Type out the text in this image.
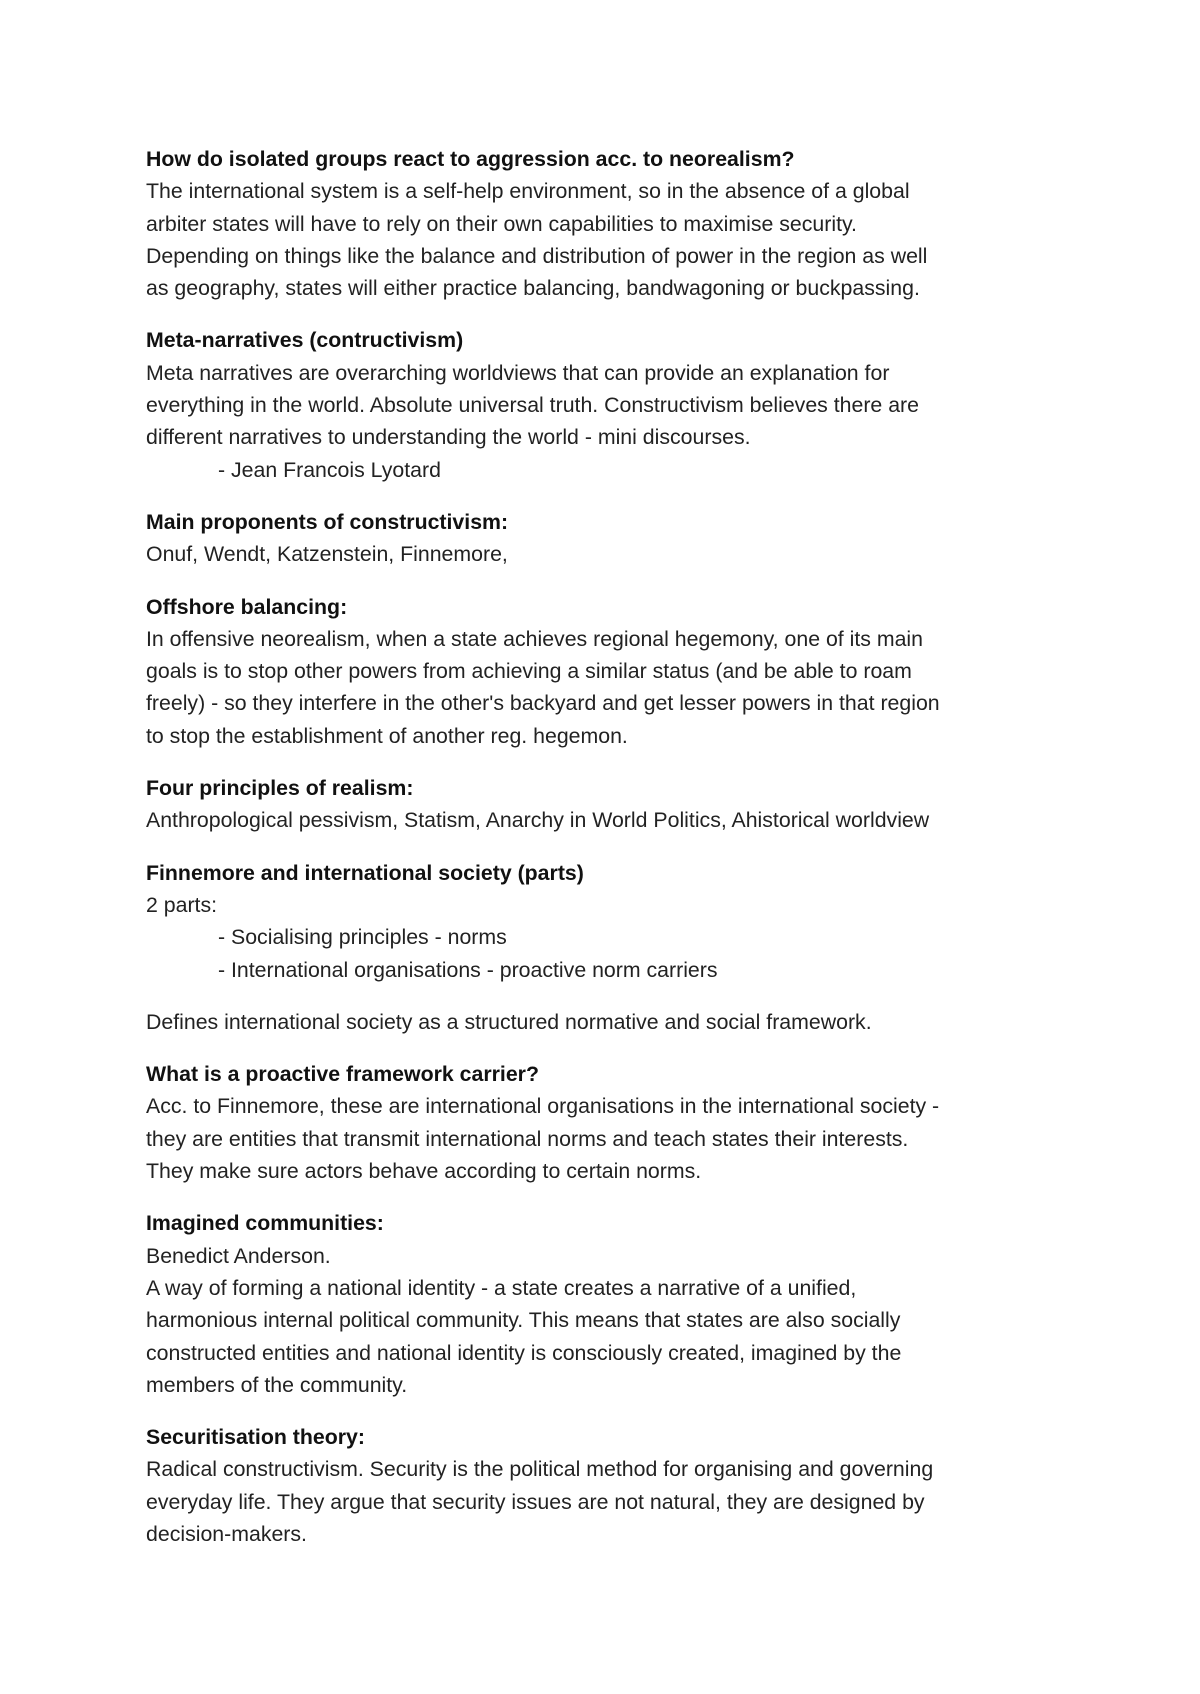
How do isolated groups react to aggression acc. to neorealism?

The international system is a self-help environment, so in the absence of a global

arbiter states will have to rely on their own capabilities to maximise security.

Depending on things like the balance and distribution of power in the region as well

as geography, states will either practice balancing, bandwagoning or buckpassing.

Meta-narratives (contructivism)

Meta narratives are overarching worldviews that can provide an explanation for

everything in the world. Absolute universal truth. Constructivism believes there are

different narratives to understanding the world - mini discourses.

- Jean Francois Lyotard

Main proponents of constructivism:

Onuf, Wendt, Katzenstein, Finnemore,

Offshore balancing:

In offensive neorealism, when a state achieves regional hegemony, one of its main

goals is to stop other powers from achieving a similar status (and be able to roam

freely) - so they interfere in the other's backyard and get lesser powers in that region

to stop the establishment of another reg. hegemon.

Four principles of realism:

Anthropological pessivism, Statism, Anarchy in World Politics, Ahistorical worldview

Finnemore and international society (parts)

2 parts:

- Socialising principles - norms

- International organisations - proactive norm carriers

Defines international society as a structured normative and social framework.

What is a proactive framework carrier?

Acc. to Finnemore, these are international organisations in the international society -

they are entities that transmit international norms and teach states their interests.

They make sure actors behave according to certain norms.

Imagined communities:

Benedict Anderson.

A way of forming a national identity - a state creates a narrative of a unified,

harmonious internal political community. This means that states are also socially

constructed entities and national identity is consciously created, imagined by the

members of the community.

Securitisation theory:

Radical constructivism. Security is the political method for organising and governing

everyday life. They argue that security issues are not natural, they are designed by

decision-makers.
